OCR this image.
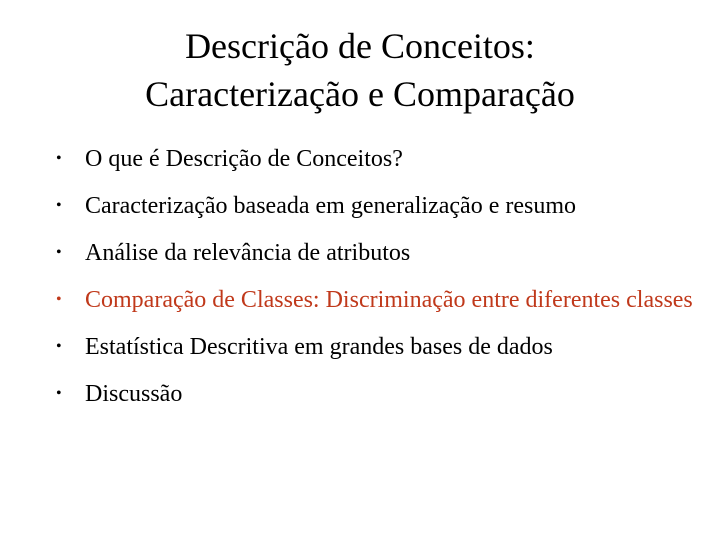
Descrição de Conceitos:
Caracterização e Comparação
• O que é Descrição de Conceitos?
• Caracterização baseada em generalização e resumo
• Análise da relevância de atributos
• Comparação de Classes: Discriminação entre diferentes classes
• Estatística Descritiva em grandes bases de dados
• Discussão
